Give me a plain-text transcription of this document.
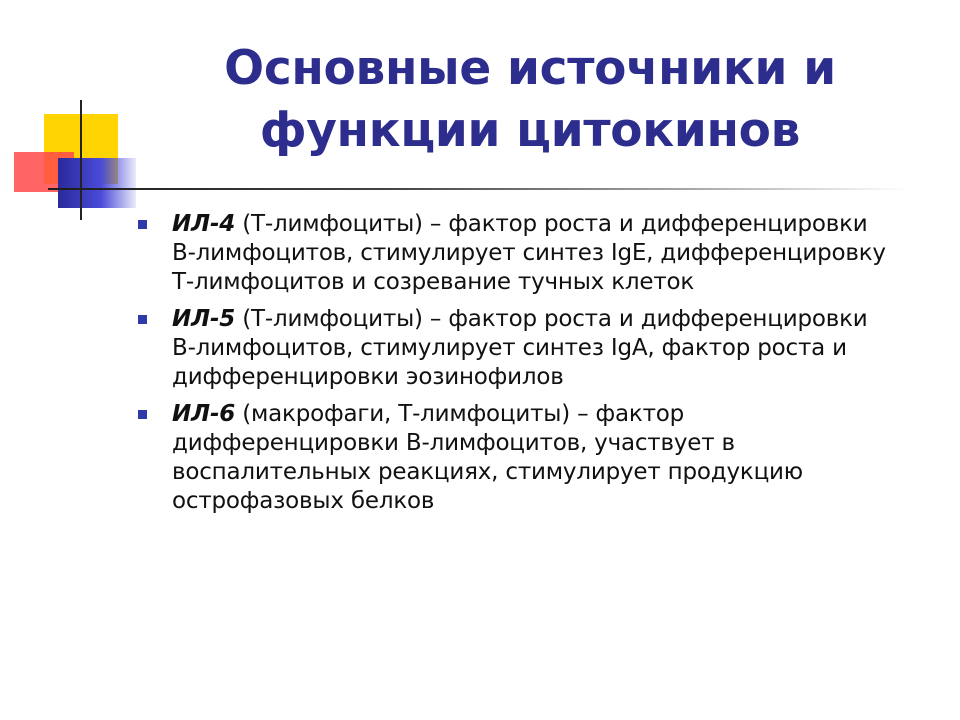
Основные источники и
функции цитокинов

ИЛ-4 (Т-лимфоциты) – фактор роста и дифференцировки В-лимфоцитов, стимулирует синтез IgE, дифференцировку Т-лимфоцитов и созревание тучных клеток

ИЛ-5 (Т-лимфоциты) – фактор роста и дифференцировки В-лимфоцитов, стимулирует синтез IgA, фактор роста и дифференцировки эозинофилов

ИЛ-6 (макрофаги, Т-лимфоциты) – фактор дифференцировки В-лимфоцитов, участвует в воспалительных реакциях, стимулирует продукцию острофазовых белков
